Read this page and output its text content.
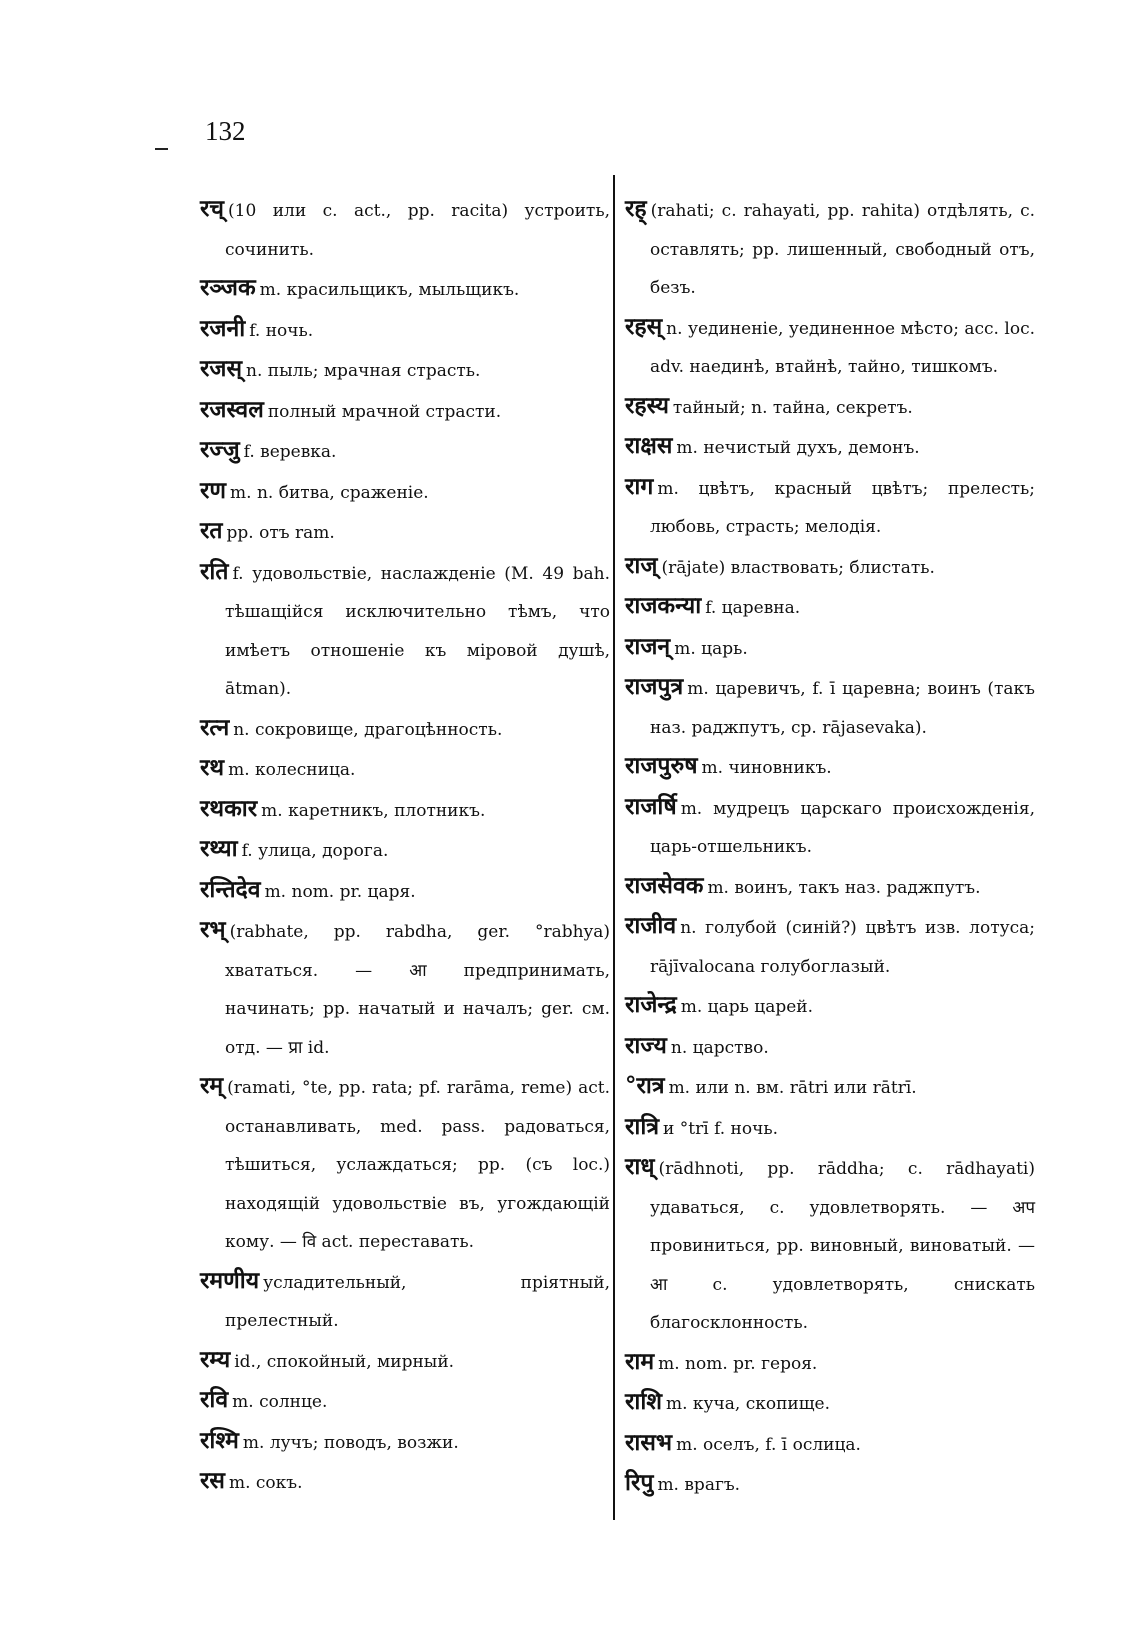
132
रच् (10 или c. act., pp. racita) устроить, сочинить.
रञ्जक m. красильщикъ, мыльщикъ.
रजनी f. ночь.
रजस् n. пыль; мрачная страсть.
रजस्वल полный мрачной страсти.
रज्जु f. веревка.
रण m. n. битва, сраженіе.
रत pp. отъ ram.
रति f. удовольствіе, наслажденіе (M. 49 bah. тѣшащійся исключительно тѣмъ, что имѣетъ отношеніе къ міровой душѣ, ātman).
रत्न n. сокровище, драгоцѣнность.
रथ m. колесница.
रथकार m. каретникъ, плотникъ.
रथ्या f. улица, дорога.
रन्तिदेव m. nom. pr. царя.
रभ् (rabhate, pp. rabdha, ger. °rabhya) хвататься. — आ предпринимать, начинать; pp. начатый и началъ; ger. см. отд. — प्रा id.
रम् (ramati, °te, pp. rata; pf. rarāma, reme) act. останавливать, med. pass. радоваться, тѣшиться, услаждаться; pp. (съ loc.) находящій удовольствіе въ, угождающій кому. — वि act. переставать.
रमणीय усладительный, пріятный, прелестный.
रम्य id., спокойный, мирный.
रवि m. солнце.
रश्मि m. лучъ; поводъ, возжи.
रस m. сокъ.
रह् (rahati; c. rahayati, pp. rahita) отдѣлять, c. оставлять; pp. лишенный, свободный отъ, безъ.
रहस् n. уединеніе, уединенное мѣсто; acc. loc. adv. наединѣ, втайнѣ, тайно, тишкомъ.
रहस्य тайный; n. тайна, секретъ.
राक्षस m. нечистый духъ, демонъ.
राग m. цвѣтъ, красный цвѣтъ; прелесть; любовь, страсть; мелодія.
राज् (rājate) властвовать; блистать.
राजकन्या f. царевна.
राजन् m. царь.
राजपुत्र m. царевичъ, f. ī царевна; воинъ (такъ наз. раджпутъ, ср. rājasevaka).
राजपुरुष m. чиновникъ.
राजर्षि m. мудрецъ царскаго происхожденія, царь-отшельникъ.
राजसेवक m. воинъ, такъ наз. раджпутъ.
राजीव n. голубой (синій?) цвѣтъ изв. лотуса; rājīvalocana голубоглазый.
राजेन्द्र m. царь царей.
राज्य n. царство.
°रात्र m. или n. вм. rātri или rātrī.
रात्रि и °trī f. ночь.
राध् (rādhnoti, pp. rāddha; c. rādhayati) удаваться, c. удовлетворять. — अप провиниться, pp. виновный, виноватый. — आ c. удовлетворять, снискать благосклонность.
राम m. nom. pr. героя.
राशि m. куча, скопище.
रासभ m. оселъ, f. ī ослица.
रिपु m. врагъ.
